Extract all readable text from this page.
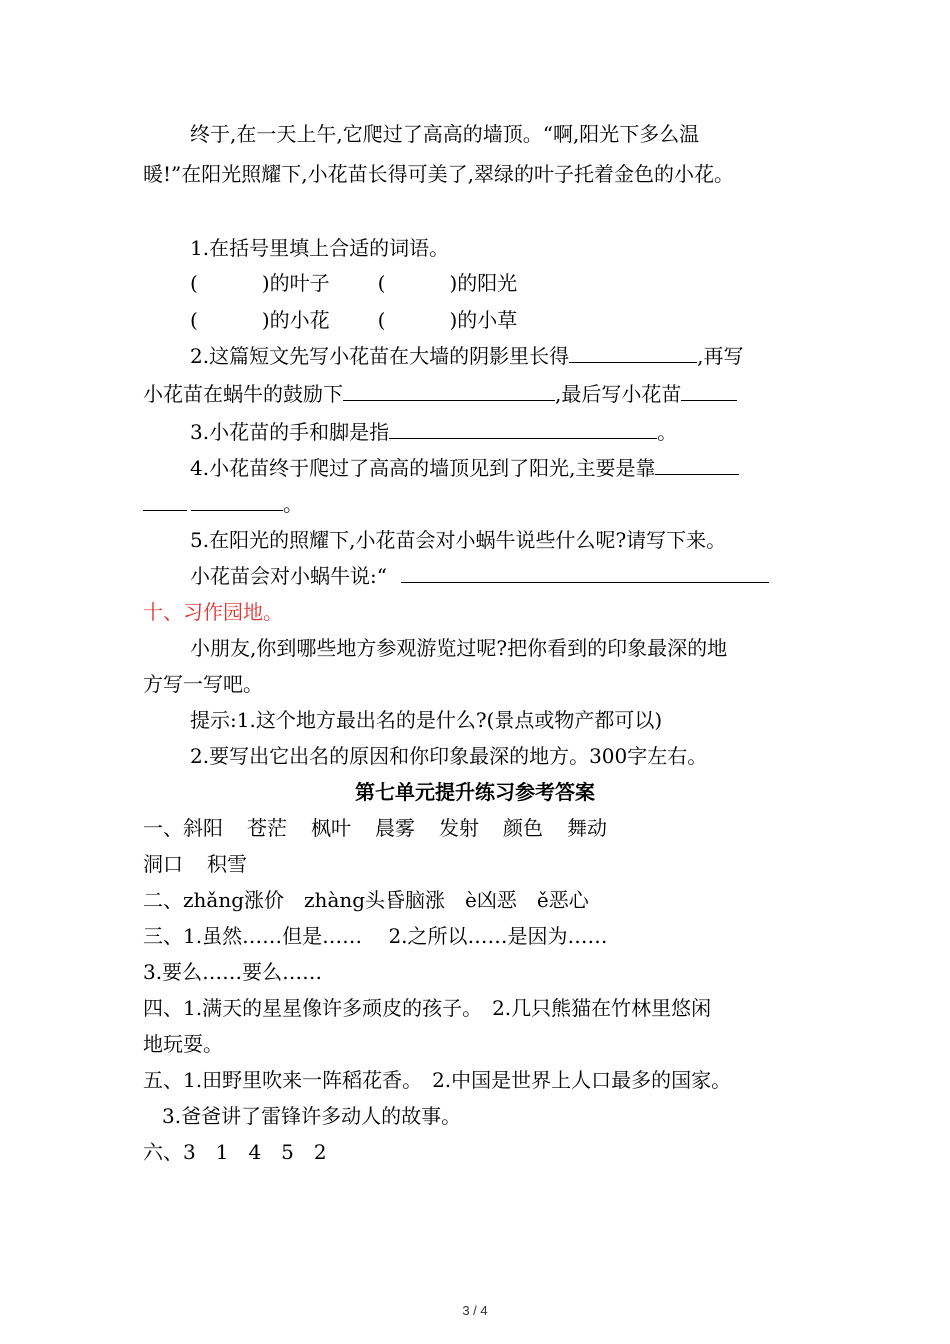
终于,在一天上午,它爬过了高高的墙顶。“啊,阳光下多么温
暖!”在阳光照耀下,小花苗长得可美了,翠绿的叶子托着金色的小花。
1.在括号里填上合适的词语。
(	)的叶子 (	)的阳光
(	)的小花 (	)的小草
2.这篇短文先写小花苗在大墙的阴影里长得	,再写
小花苗在蜗牛的鼓励下	,最后写小花苗
3.小花苗的手和脚是指	。
4.小花苗终于爬过了高高的墙顶见到了阳光,主要是靠
。
5.在阳光的照耀下,小花苗会对小蜗牛说些什么呢?请写下来。
小花苗会对小蜗牛说:“
十、习作园地。
小朋友,你到哪些地方参观游览过呢?把你看到的印象最深的地
方写一写吧。
提示:1.这个地方最出名的是什么?(景点或物产都可以)
2.要写出它出名的原因和你印象最深的地方。300字左右。
第七单元提升练习参考答案
一、斜阳 苍茫 枫叶 晨雾 发射 颜色 舞动
洞口 积雪
二、zhǎng涨价　zhàng头昏脑涨　è凶恶　ě恶心
三、1.虽然……但是……　 2.之所以……是因为……
3.要么……要么……
四、1.满天的星星像许多顽皮的孩子。　2.几只熊猫在竹林里悠闲
地玩耍。
五、1.田野里吹来一阵稻花香。　2.中国是世界上人口最多的国家。
3.爸爸讲了雷锋许多动人的故事。
六、3　1　4　5　2
3 / 4
